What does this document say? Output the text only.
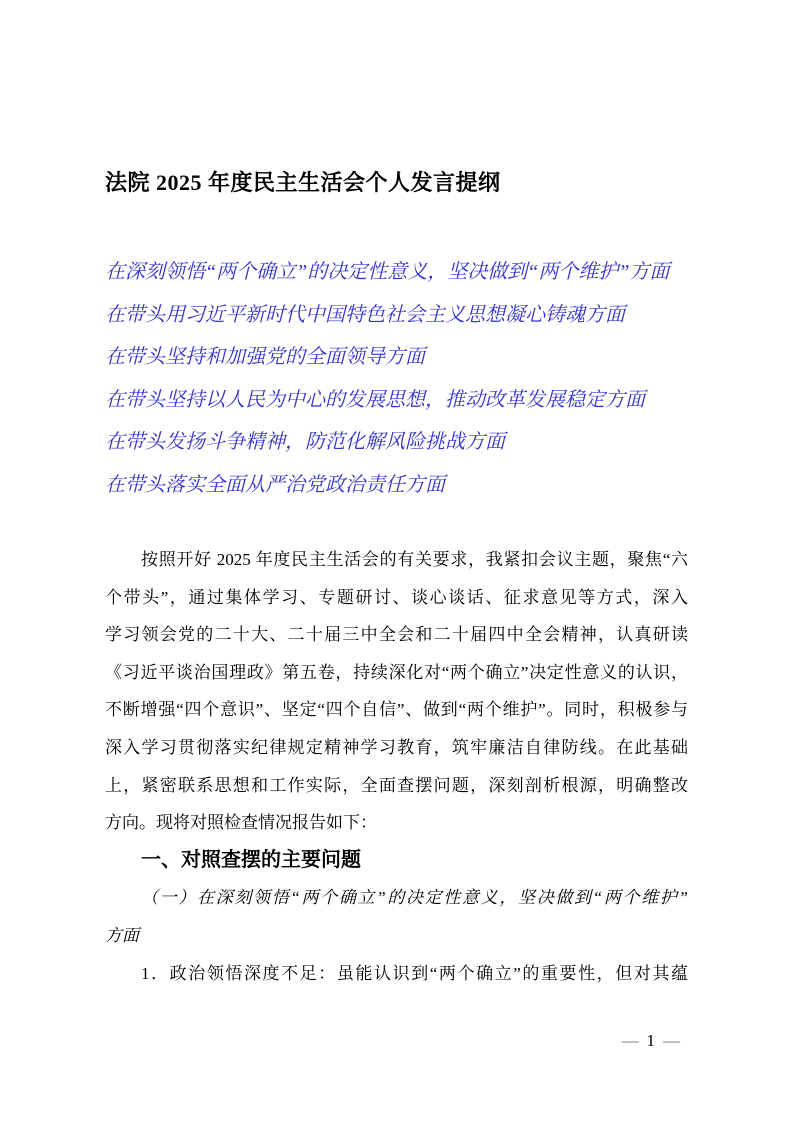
法院 2025 年度民主生活会个人发言提纲
在深刻领悟“两个确立”的决定性意义，坚决做到“两个维护”方面
在带头用习近平新时代中国特色社会主义思想凝心铸魂方面
在带头坚持和加强党的全面领导方面
在带头坚持以人民为中心的发展思想，推动改革发展稳定方面
在带头发扬斗争精神，防范化解风险挑战方面
在带头落实全面从严治党政治责任方面
按照开好 2025 年度民主生活会的有关要求，我紧扣会议主题，聚焦“六
个带头”，通过集体学习、专题研讨、谈心谈话、征求意见等方式，深入
学习领会党的二十大、二十届三中全会和二十届四中全会精神，认真研读
《习近平谈治国理政》第五卷，持续深化对“两个确立”决定性意义的认识，
不断增强“四个意识”、坚定“四个自信”、做到“两个维护”。同时，积极参与
深入学习贯彻落实纪律规定精神学习教育，筑牢廉洁自律防线。在此基础
上，紧密联系思想和工作实际，全面查摆问题，深刻剖析根源，明确整改
方向。现将对照检查情况报告如下：
一、对照查摆的主要问题
（一）在深刻领悟“两个确立”的决定性意义，坚决做到“两个维护”
方面
1．政治领悟深度不足：虽能认识到“两个确立”的重要性，但对其蕴
— 1 —
